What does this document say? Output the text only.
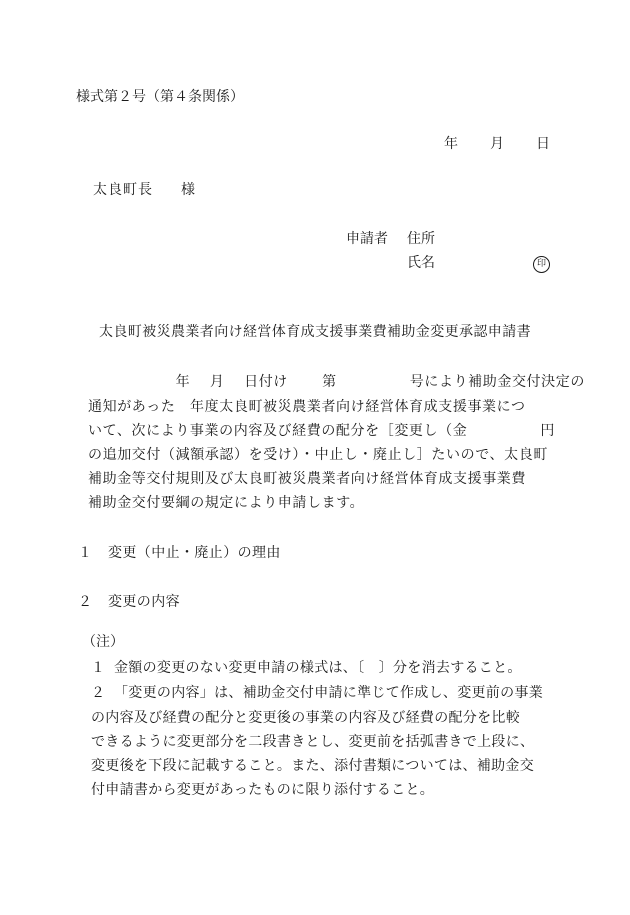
様式第２号（第４条関係）
年 月 日
太良町長 様
申請者 住所
氏名	印
太良町被災農業者向け経営体育成支援事業費補助金変更承認申請書
　　　　　　年　 月　 日付け　　 第　　　　　号により補助金交付決定の
通知があった　年度太良町被災農業者向け経営体育成支援事業につ
いて、次により事業の内容及び経費の配分を［変更し（金　　　　　円
の追加交付（減額承認）を受け）・中止し・廃止し］たいので、太良町
補助金等交付規則及び太良町被災農業者向け経営体育成支援事業費
補助金交付要綱の規定により申請します。
１ 変更（中止・廃止）の理由
２ 変更の内容
（注）
１ 金額の変更のない変更申請の様式は、〔　〕分を消去すること。
２ 「変更の内容」は、補助金交付申請に準じて作成し、変更前の事業
の内容及び経費の配分と変更後の事業の内容及び経費の配分を比較
できるように変更部分を二段書きとし、変更前を括弧書きで上段に、
変更後を下段に記載すること。また、添付書類については、補助金交
付申請書から変更があったものに限り添付すること。
